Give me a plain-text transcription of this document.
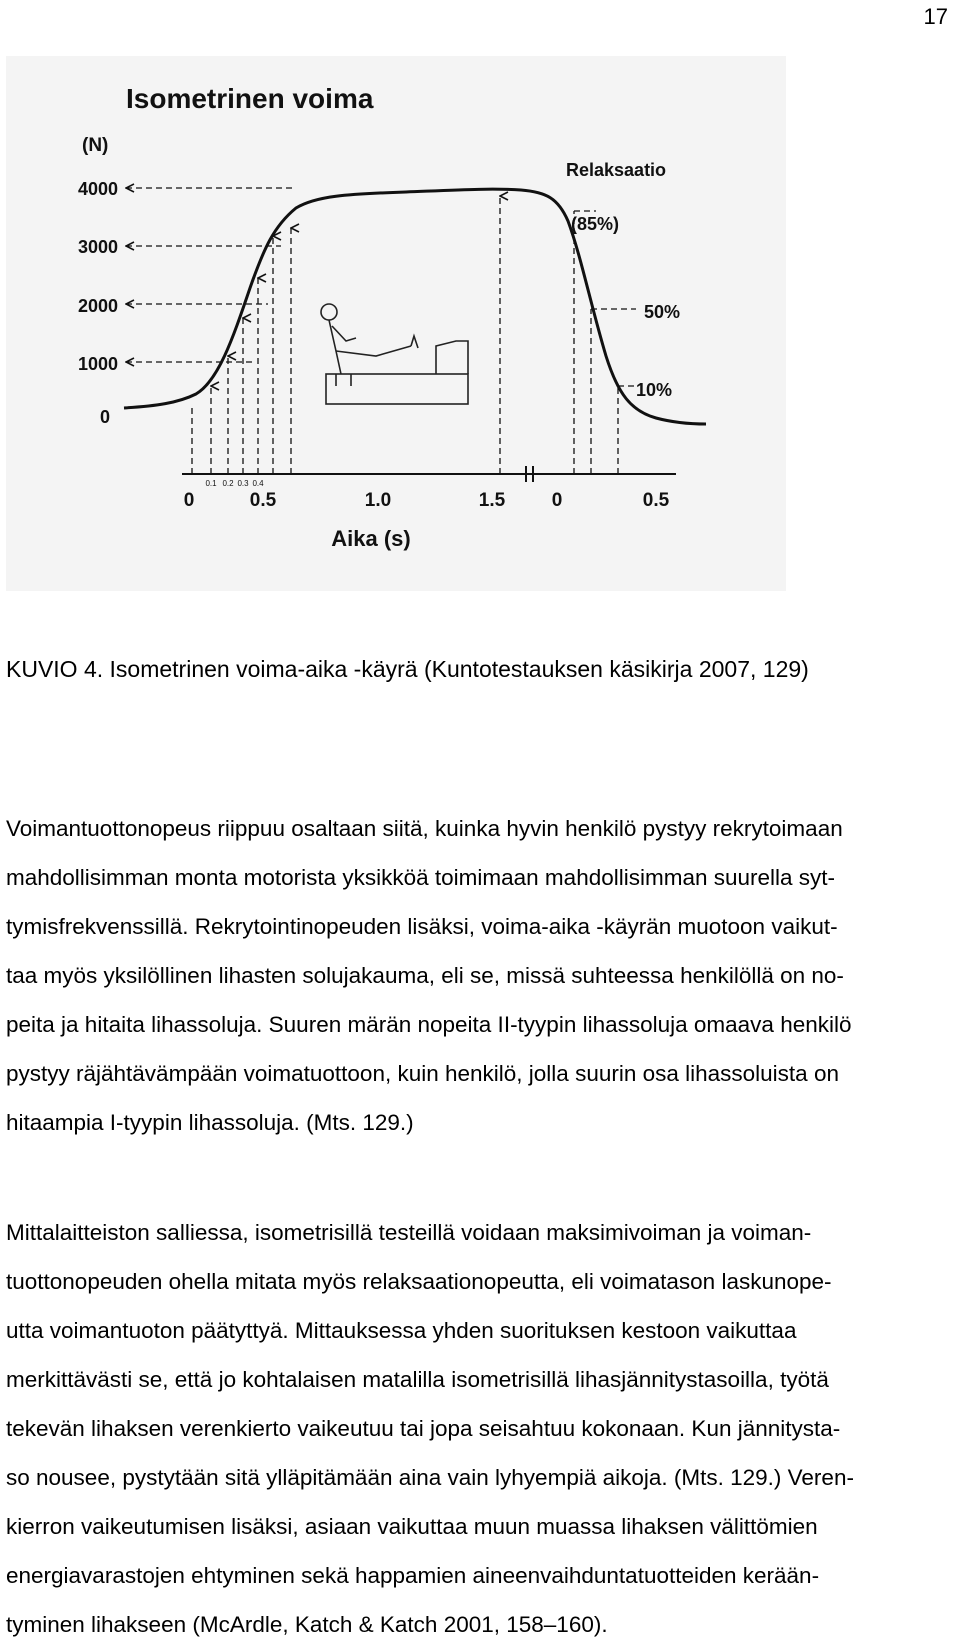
17
Isometrinen voima
(N)
4000
3000
2000
1000
0
0.1 0.2 0.3 0.4
0	0.5	1.0	1.5 0	0.5
Aika (s)
Relaksaatio
(85%)
50%
10%
KUVIO 4. Isometrinen voima-aika -käyrä (Kuntotestauksen käsikirja 2007, 129)
Voimantuottonopeus riippuu osaltaan siitä, kuinka hyvin henkilö pystyy rekrytoimaan
mahdollisimman monta motorista yksikköä toimimaan mahdollisimman suurella syt-
tymisfrekvenssillä. Rekrytointinopeuden lisäksi, voima-aika -käyrän muotoon vaikut-
taa myös yksilöllinen lihasten solujakauma, eli se, missä suhteessa henkilöllä on no-
peita ja hitaita lihassoluja. Suuren märän nopeita II-tyypin lihassoluja omaava henkilö
pystyy räjähtävämpään voimatuottoon, kuin henkilö, jolla suurin osa lihassoluista on
hitaampia I-tyypin lihassoluja. (Mts. 129.)
Mittalaitteiston salliessa, isometrisillä testeillä voidaan maksimivoiman ja voiman-
tuottonopeuden ohella mitata myös relaksaationopeutta, eli voimatason laskunope-
utta voimantuoton päätyttyä. Mittauksessa yhden suorituksen kestoon vaikuttaa
merkittävästi se, että jo kohtalaisen matalilla isometrisillä lihasjännitystasoilla, työtä
tekevän lihaksen verenkierto vaikeutuu tai jopa seisahtuu kokonaan. Kun jännitysta-
so nousee, pystytään sitä ylläpitämään aina vain lyhyempiä aikoja. (Mts. 129.) Veren-
kierron vaikeutumisen lisäksi, asiaan vaikuttaa muun muassa lihaksen välittömien
energiavarastojen ehtyminen sekä happamien aineenvaihduntatuotteiden kerään-
tyminen lihakseen (McArdle, Katch & Katch 2001, 158–160).
